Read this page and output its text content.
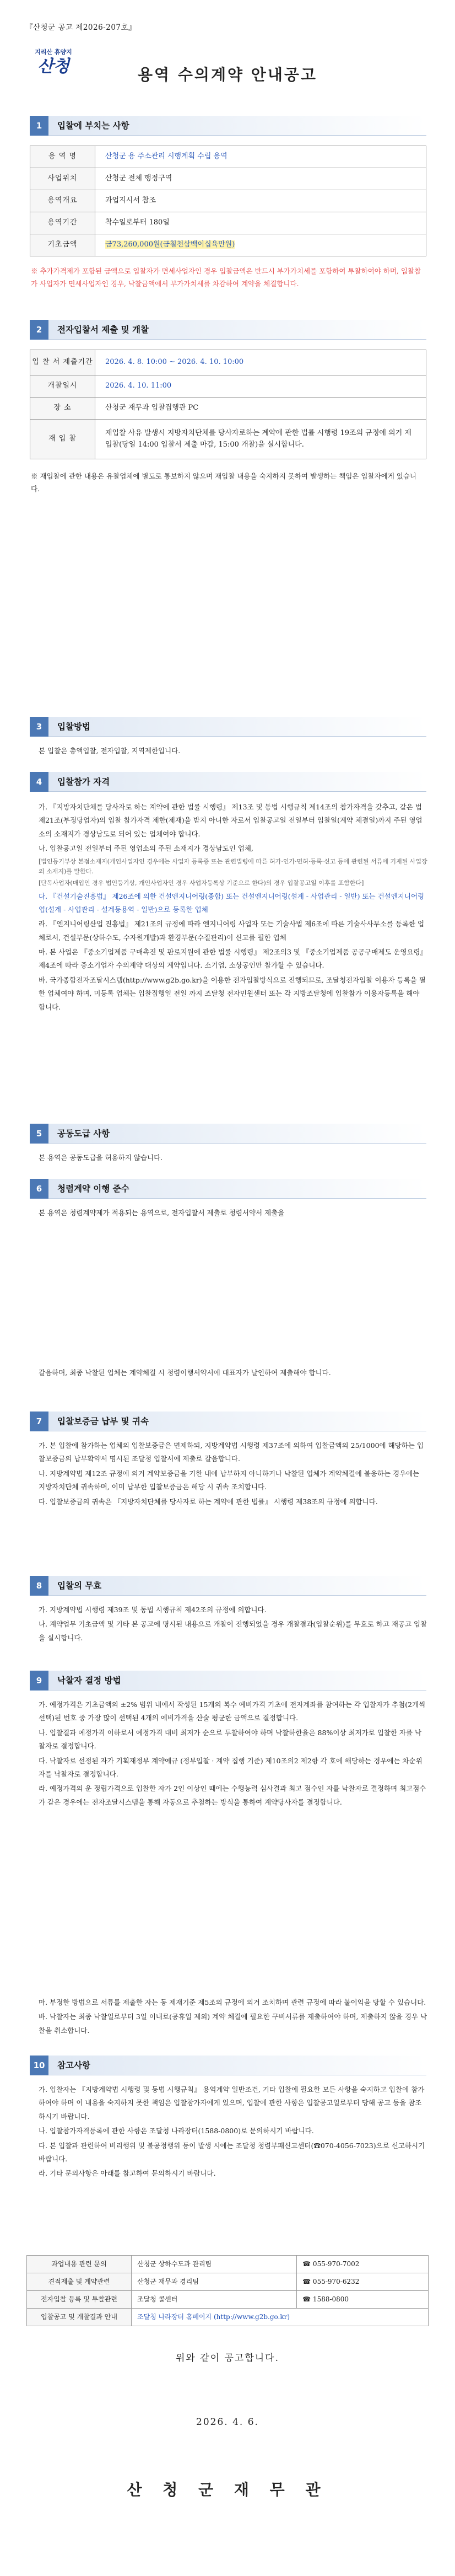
『산청군 공고 제2026-207호』
지리산 휴양지
산청	용역 수의계약 안내공고
1	입찰에 부치는 사항
용 역 명	산청군 용 주소관리 시행계획 수립 용역
사업위치	산청군 전체 행정구역
용역개요	과업지시서 참조
용역기간	착수일로부터 180일
기초금액	금73,260,000원(금칠천삼백이십육만원)
※ 추가가격제가 포함된 금액으로 입찰자가 면세사업자인 경우 입찰금액은 반드시 부가가치세를 포함하여 투찰하여야 하며, 입찰참가 사업자가 면세사업자인 경우, 낙찰금액에서 부가가치세를 차감하여 계약을 체결합니다.
2	전자입찰서 제출 및 개찰
입 찰 서 제출기간	2026. 4. 8. 10:00 ~ 2026. 4. 10. 10:00
개찰일시	2026. 4. 10. 11:00
장 소	산청군 재무과 입찰집행관 PC
재 입 찰	재입찰 사유 발생시 지방자치단체를 당사자로하는 계약에 관한 법률 시행령 19조의 규정에 의거 재입찰(당일 14:00 입찰서 제출 마감, 15:00 개찰)을 실시합니다.
※ 재입찰에 관한 내용은 유찰업체에 별도로 통보하지 않으며 재입찰 내용을 숙지하지 못하여 발생하는 책임은 입찰자에게 있습니다.
3	입찰방법
본 입찰은 총액입찰, 전자입찰, 지역제한입니다.
4	입찰참가 자격

가. 『지방자치단체를 당사자로 하는 계약에 관한 법률 시행령』 제13조 및 동법 시행규칙 제14조의 참가자격을 갖추고, 같은 법 제21조(부정당업자)의 입찰 참가자격 제한(제재)을 받지 아니한 자로서 입찰공고일 전일부터 입찰일(계약 체결일)까지 주된 영업소의 소재지가 경상남도로 되어 있는 업체여야 합니다.

나. 입찰공고일 전일부터 주된 영업소의 주된 소재지가 경상남도인 업체,

[법인등기부상 본점소재지(개인사업자인 경우에는 사업자 등록증 또는 관련법령에 따른 허가·인가·면허·등록·신고 등에 관련된 서류에 기재된 사업장의 소재지)를 말한다.

[단독사업자(매입인 경우 법인등기상, 개인사업자인 경우 사업자등록상 기준으로 한다)의 경우 입찰공고일 이후를 포함한다]

다. 『건설기술진흥법』 제26조에 의한 건설엔지니어링(종합) 또는 건설엔지니어링(설계 - 사업관리 - 일반) 또는 건설엔지니어링업(설계 - 사업관리 - 설계등용역 - 일반)으로 등록한 업체

라. 『엔지니어링산업 진흥법』 제21조의 규정에 따라 엔지니어링 사업자 또는 기술사법 제6조에 따른 기술사사무소를 등록한 업체로서, 건설부문(상하수도, 수자원개발)과 환경부문(수질관리)이 신고를 필한 업체

마. 본 사업은 『중소기업제품 구매촉진 및 판로지원에 관한 법률 시행령』 제2조의3 및 『중소기업제품 공공구매제도 운영요령』 제4조에 따라 중소기업자 수의계약 대상의 계약입니다. 소기업, 소상공인만 참가할 수 있습니다.

바. 국가종합전자조달시스템(http://www.g2b.go.kr)을 이용한 전자입찰방식으로 진행되므로, 조달청전자입찰 이용자 등록을 필한 업체여야 하며, 미등록 업체는 입찰집행일 전일 까지 조달청 전자민원센터 또는 각 지방조달청에 입찰참가 이용자등록을 해야 합니다.

5	공동도급 사항
본 용역은 공동도급을 허용하지 않습니다.
6	청렴계약 이행 준수
본 용역은 청렴계약제가 적용되는 용역으로, 전자입찰서 제출로 청렴서약서 제출을
갈음하며, 최종 낙찰된 업체는 계약체결 시 청렴이행서약서에 대표자가 날인하여 제출해야 합니다.
7	입찰보증금 납부 및 귀속

가. 본 입찰에 참가하는 업체의 입찰보증금은 면제하되, 지방계약법 시행령 제37조에 의하여 입찰금액의 25/1000에 해당하는 입찰보증금의 납부확약서 명시된 조달청 입찰서에 제출로 갈음합니다.

나. 지방계약법 제12조 규정에 의거 계약보증금을 기한 내에 납부하지 아니하거나 낙찰된 업체가 계약체결에 불응하는 경우에는 지방자치단체 귀속하며, 이미 납부한 입찰보증금은 해당 시 귀속 조치합니다.

다. 입찰보증금의 귀속은 『지방자치단체를 당사자로 하는 계약에 관한 법률』 시행령 제38조의 규정에 의합니다.

8	입찰의 무효

가. 지방계약법 시행령 제39조 및 동법 시행규칙 제42조의 규정에 의합니다.

나. 계약업무 기초금액 및 기타 본 공고에 명시된 내용으로 개찰이 진행되었을 경우 개찰결과(입찰순위)를 무효로 하고 재공고 입찰을 실시합니다.

9	낙찰자 결정 방법

가. 예정가격은 기초금액의 ±2% 범위 내에서 작성된 15개의 복수 예비가격 기초에 전자계좌를 참여하는 각 입찰자가 추첨(2개씩 선택)된 번호 중 가장 많이 선택된 4개의 예비가격을 산술 평균한 금액으로 결정합니다.

나. 입찰결과 예정가격 이하로서 예정가격 대비 최저가 순으로 투찰하여야 하며 낙찰하한율은 88%이상 최저가로 입찰한 자를 낙찰자로 결정합니다.

다. 낙찰자로 선정된 자가 기획재정부 계약예규 (정부입찰 · 계약 집행 기준) 제10조의2 제2항 각 호에 해당하는 경우에는 차순위자를 낙찰자로 결정합니다.

라. 예정가격의 운 정립가격으로 입찰한 자가 2인 이상인 때에는 수행능력 심사결과 최고 점수인 자를 낙찰자로 결정하며 최고점수가 같은 경우에는 전자조달시스템을 통해 자동으로 추첨하는 방식을 통하여 계약당사자를 결정합니다.

마. 부정한 방법으로 서류를 제출한 자는 동 제재기준 제5조의 규정에 의거 조치하며 관련 규정에 따라 불이익을 당할 수 있습니다.

바. 낙찰자는 최종 낙찰일로부터 3일 이내로(공휴일 제외) 계약 체결에 필요한 구비서류를 제출하여야 하며, 제출하지 않을 경우 낙찰을 취소합니다.

10	참고사항

가. 입찰자는 『지방계약법 시행령 및 동법 시행규칙』 용역계약 일반조건, 기타 입찰에 필요한 모든 사항을 숙지하고 입찰에 참가하여야 하며 이 내용을 숙지하지 못한 책임은 입찰참가자에게 있으며, 입찰에 관한 사항은 입찰공고일로부터 당해 공고 등을 참조하시기 바랍니다.

나. 입찰참가자격등록에 관한 사항은 조달청 나라장터(1588-0800)로 문의하시기 바랍니다.

다. 본 입찰과 관련하여 비리행위 및 불공정행위 등이 발생 시에는 조달청 청렴부패신고센터(☎070-4056-7023)으로 신고하시기 바랍니다.

라. 기타 문의사항은 아래를 참고하여 문의하시기 바랍니다.

과업내용 관련 문의	산청군 상하수도과 관리팀	☎ 055-970-7002
견적제출 및 계약관련	산청군 재무과 경리팀	☎ 055-970-6232
전자입찰 등록 및 투찰관련	조달청 콜센터	☎ 1588-0800
입찰공고 및 개찰결과 안내	조달청 나라장터 홈페이지 (http://www.g2b.go.kr)	
위와 같이 공고합니다.
2026. 4. 6.
산 청 군 재 무 관
